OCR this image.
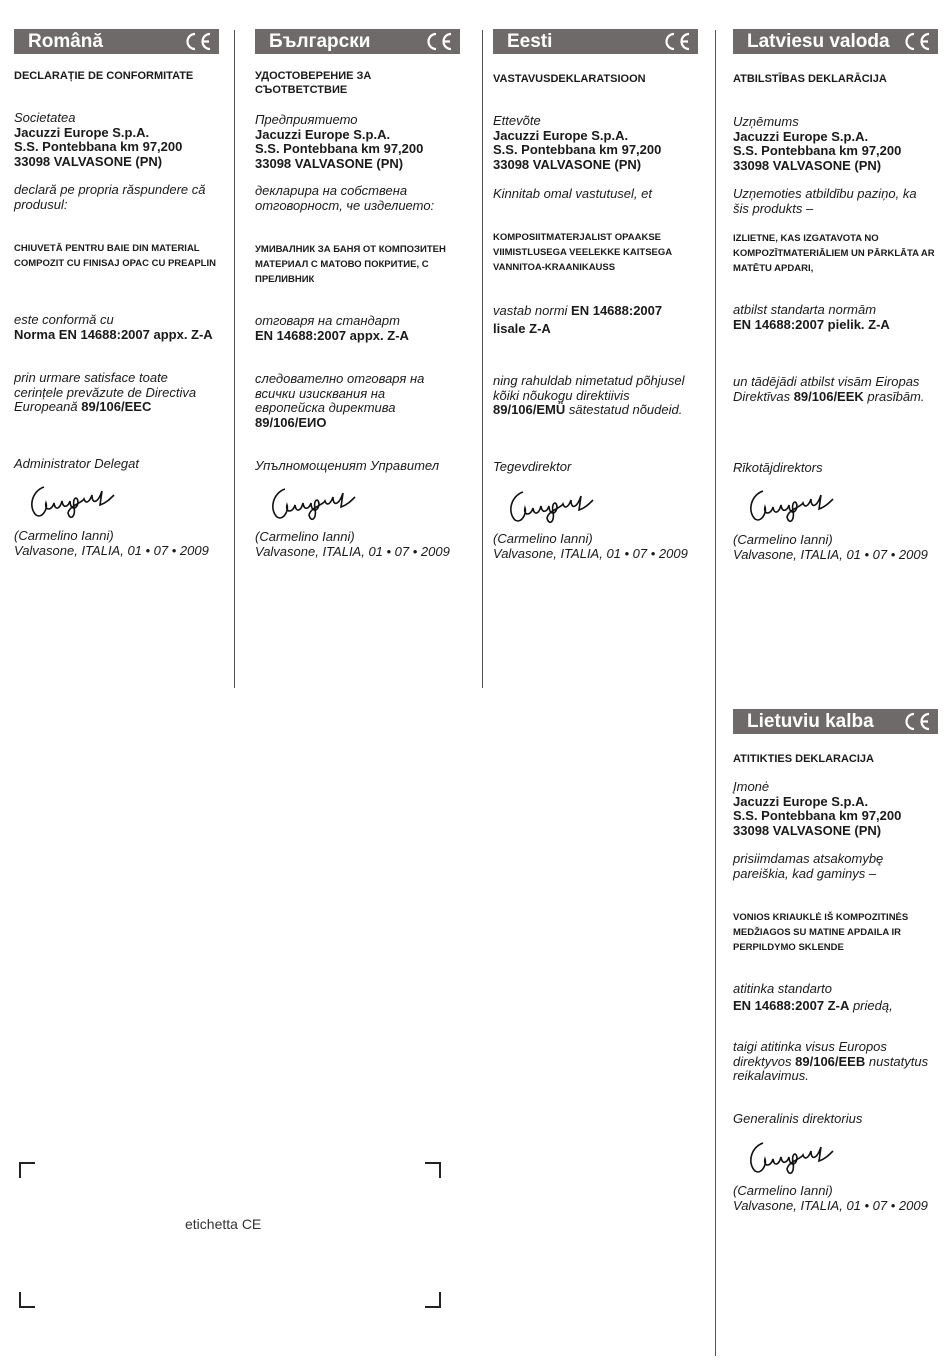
Română
DECLARAȚIE DE CONFORMITATE
Societatea
Jacuzzi Europe S.p.A.
S.S. Pontebbana km 97,200
33098 VALVASONE (PN)
declară pe propria răspundere că produsul:
CHIUVETĂ PENTRU BAIE DIN MATERIAL COMPOZIT CU FINISAJ OPAC CU PREAPLIN
este conformă cu
Norma EN 14688:2007 appx. Z-A
prin urmare satisface toate cerințele prevăzute de Directiva Europeană 89/106/EEC
Administrator Delegat
(Carmelino Ianni)
Valvasone, ITALIA, 01 • 07 • 2009
Български
УДОСТОВЕРЕНИЕ ЗА СЪОТВЕТСТВИЕ
Предприятието
Jacuzzi Europe S.p.A.
S.S. Pontebbana km 97,200
33098 VALVASONE (PN)
декларира на собствена отговорност, че изделието:
УМИВАЛНИК ЗА БАНЯ ОТ КОМПОЗИТЕН МАТЕРИАЛ С МАТОВО ПОКРИТИЕ, С ПРЕЛИВНИК
отговаря на стандарт
EN 14688:2007 appx. Z-A
следователно отговаря на всички изисквания на европейска директива 89/106/ЕИО
Упълномощеният Управител
(Carmelino Ianni)
Valvasone, ITALIA, 01 • 07 • 2009
Eesti
VASTAVUSDEKLARATSIOON
Ettevõte
Jacuzzi Europe S.p.A.
S.S. Pontebbana km 97,200
33098 VALVASONE (PN)
Kinnitab omal vastutusel, et
KOMPOSIITMATERJALIST OPAAKSE VIIMISTLUSEGA VEELEKKE KAITSEGA VANNITOA-KRAANIKAUSS
vastab normi EN 14688:2007 lisale Z-A
ning rahuldab nimetatud põhjusel kõiki nõukogu direktiivis 89/106/EMÜ sätestatud nõudeid.
Tegevdirektor
(Carmelino Ianni)
Valvasone, ITALIA, 01 • 07 • 2009
Latviesu valoda
ATBILSTĪBAS DEKLARĀCIJA
Uzņēmums
Jacuzzi Europe S.p.A.
S.S. Pontebbana km 97,200
33098 VALVASONE (PN)
Uzņemoties atbildību paziņo, ka šis produkts –
IZLIETNE, KAS IZGATAVOTA NO KOMPOZĪTMATERIĀLIEM UN PĀRKLĀTA AR MATĒTU APDARI,
atbilst standarta normām
EN 14688:2007 pielik. Z-A
un tādējādi atbilst visām Eiropas Direktīvas 89/106/EEK prasībām.
Rīkotājdirektors
(Carmelino Ianni)
Valvasone, ITALIA, 01 • 07 • 2009
Lietuviu kalba
ATITIKTIES DEKLARACIJA
Įmonė
Jacuzzi Europe S.p.A.
S.S. Pontebbana km 97,200
33098 VALVASONE (PN)
prisiimdamas atsakomybę pareiškia, kad gaminys –
VONIOS KRIAUKLĖ IŠ KOMPOZITINĖS MEDŽIAGOS SU MATINE APDAILA IR PERPILDYMO SKLENDE
atitinka standarto
EN 14688:2007 Z-A priedą,
taigi atitinka visus Europos direktyvos 89/106/EEB nustatytus reikalavimus.
Generalinis direktorius
(Carmelino Ianni)
Valvasone, ITALIA, 01 • 07 • 2009
etichetta CE
